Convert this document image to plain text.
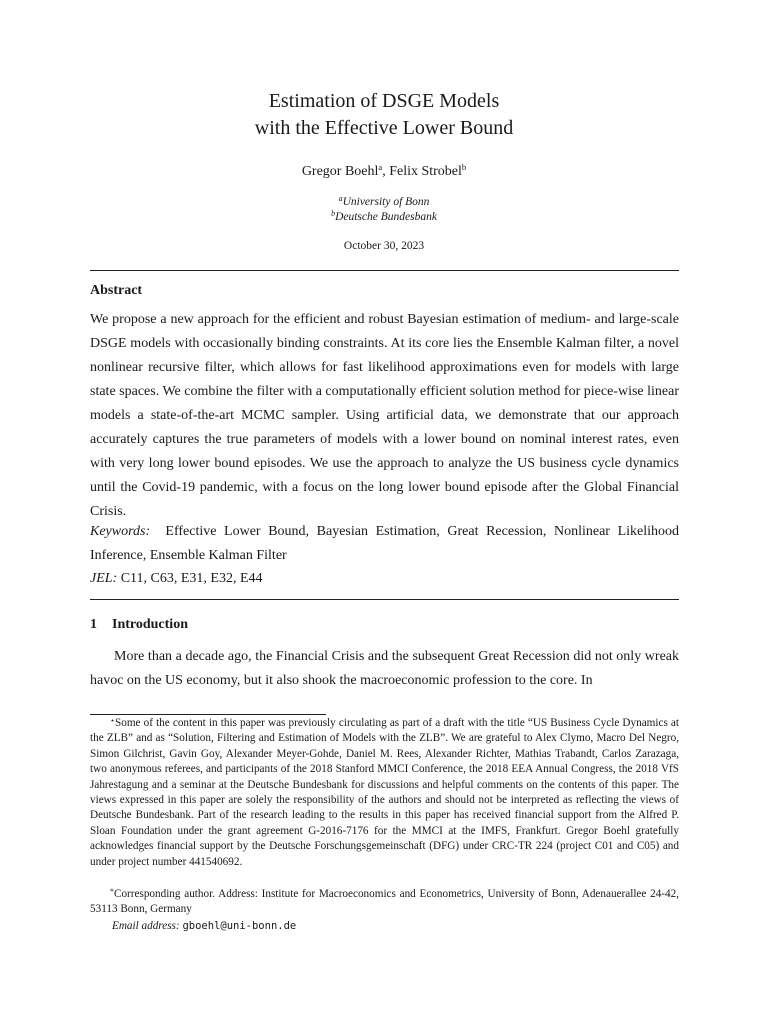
Estimation of DSGE Models
with the Effective Lower Bound
Gregor Boehl$^a$, Felix Strobel$^b$
$^a$University of Bonn
$^b$Deutsche Bundesbank
October 30, 2023
Abstract
We propose a new approach for the efficient and robust Bayesian estimation of medium- and large-scale DSGE models with occasionally binding constraints. At its core lies the Ensemble Kalman filter, a novel nonlinear recursive filter, which allows for fast likelihood approximations even for models with large state spaces. We combine the filter with a computationally efficient solution method for piece-wise linear models a state-of-the-art MCMC sampler. Using artificial data, we demonstrate that our approach accurately captures the true parameters of models with a lower bound on nominal interest rates, even with very long lower bound episodes. We use the approach to analyze the US business cycle dynamics until the Covid-19 pandemic, with a focus on the long lower bound episode after the Global Financial Crisis.
Keywords: Effective Lower Bound, Bayesian Estimation, Great Recession, Nonlinear Likelihood Inference, Ensemble Kalman Filter
JEL: C11, C63, E31, E32, E44
1 Introduction
More than a decade ago, the Financial Crisis and the subsequent Great Recession did not only wreak havoc on the US economy, but it also shook the macroeconomic profession to the core. In
⋆Some of the content in this paper was previously circulating as part of a draft with the title “US Business Cycle Dynamics at the ZLB” and as “Solution, Filtering and Estimation of Models with the ZLB”. We are grateful to Alex Clymo, Macro Del Negro, Simon Gilchrist, Gavin Goy, Alexander Meyer-Gohde, Daniel M. Rees, Alexander Richter, Mathias Trabandt, Carlos Zarazaga, two anonymous referees, and participants of the 2018 Stanford MMCI Conference, the 2018 EEA Annual Congress, the 2018 VfS Jahrestagung and a seminar at the Deutsche Bundesbank for discussions and helpful comments on the contents of this paper. The views expressed in this paper are solely the responsibility of the authors and should not be interpreted as reflecting the views of Deutsche Bundesbank. Part of the research leading to the results in this paper has received financial support from the Alfred P. Sloan Foundation under the grant agreement G-2016-7176 for the MMCI at the IMFS, Frankfurt. Gregor Boehl gratefully acknowledges financial support by the Deutsche Forschungsgemeinschaft (DFG) under CRC-TR 224 (project C01 and C05) and under project number 441540692.
*Corresponding author. Address: Institute for Macroeconomics and Econometrics, University of Bonn, Adenauerallee 24-42, 53113 Bonn, Germany
Email address: gboehl@uni-bonn.de
